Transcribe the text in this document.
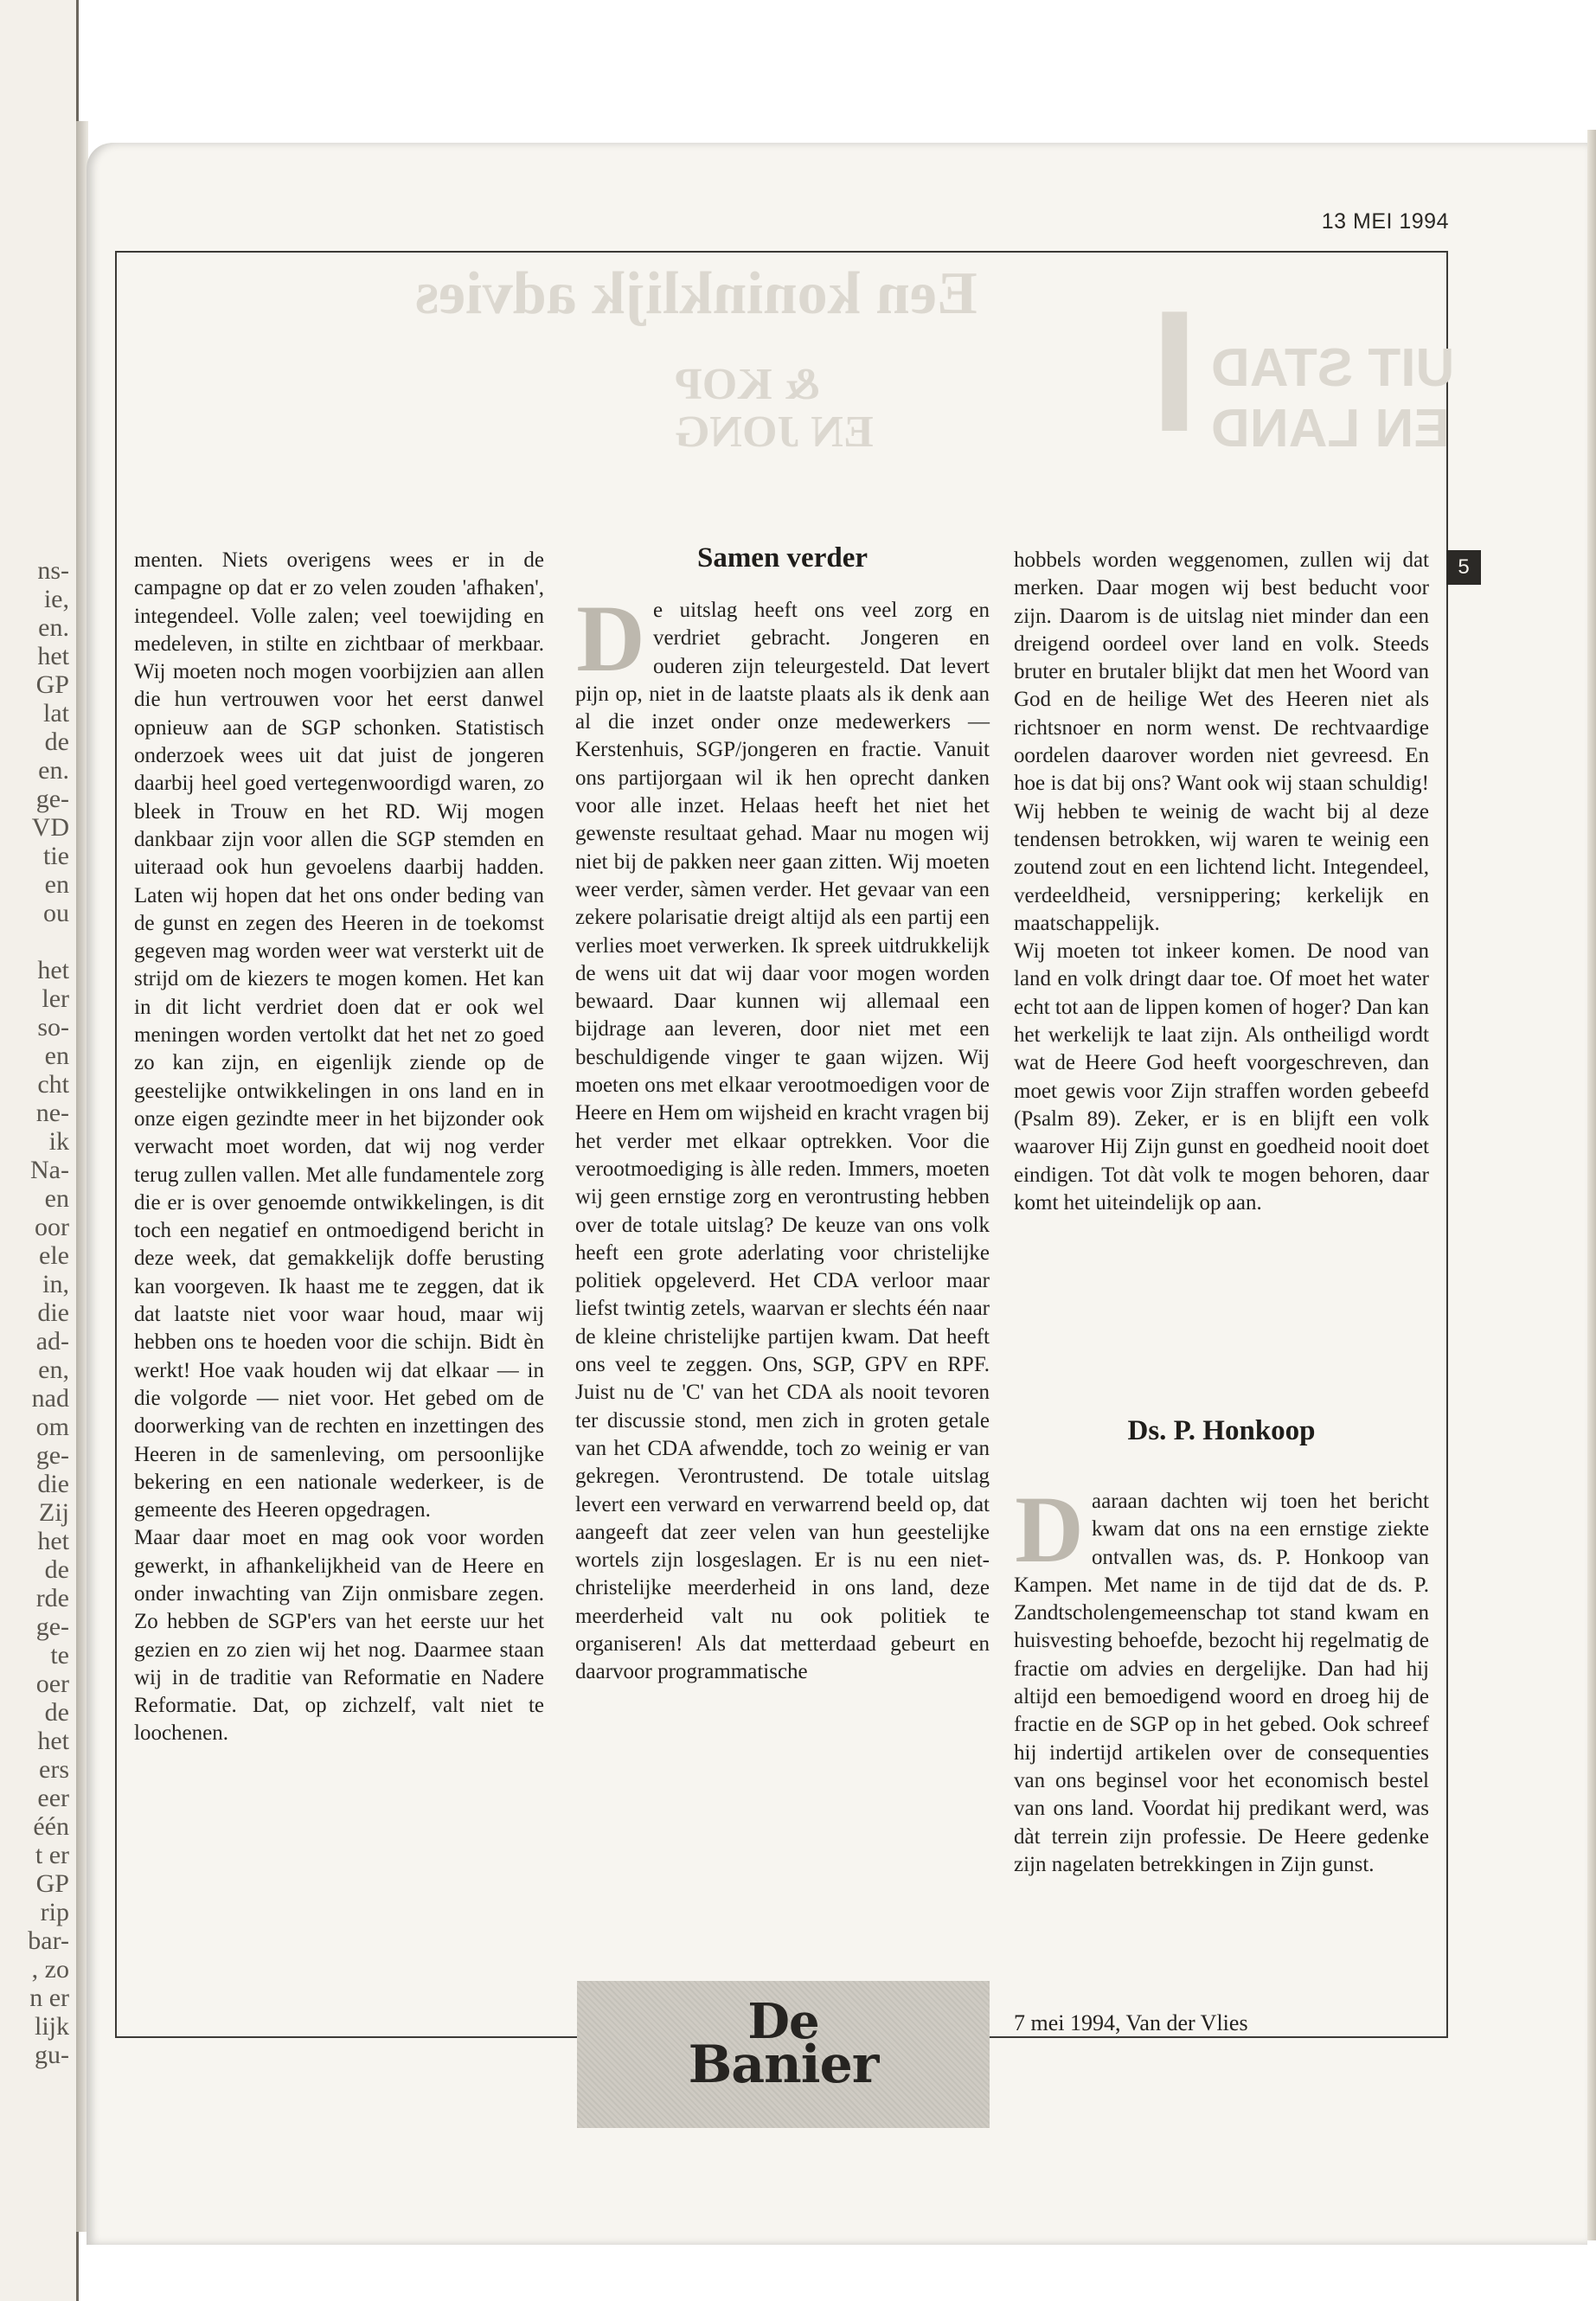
ns-
ie,
en.
het
GP
lat
de
en.
ge-
VD
tie
en
ou

het
ler
so-
en
cht
ne-
ik
Na-
en
oor
ele
in,
die
ad-
en,
nad
om
ge-
die
Zij
het
de
rde
ge-
te
oer
de
het
ers
eer
één
t er
GP
rip
bar-
, zo
n er
lijk
gu-
13 MEI 1994
Een koninklijk advies I UIT STAD
EN LAND
& KOP
EN JONG

menten. Niets overigens wees er in de campagne op dat er zo velen zouden 'afhaken', integendeel. Volle zalen; veel toewijding en medeleven, in stilte en zichtbaar of merkbaar. Wij moeten noch mogen voorbijzien aan allen die hun vertrouwen voor het eerst danwel opnieuw aan de SGP schonken. Statistisch onderzoek wees uit dat juist de jongeren daarbij heel goed vertegenwoordigd waren, zo bleek in Trouw en het RD. Wij mogen dankbaar zijn voor allen die SGP stemden en uiteraad ook hun gevoelens daarbij hadden. Laten wij hopen dat het ons onder beding van de gunst en zegen des Heeren in de toekomst gegeven mag worden weer wat versterkt uit de strijd om de kiezers te mogen komen. Het kan in dit licht verdriet doen dat er ook wel meningen worden vertolkt dat het net zo goed zo kan zijn, en eigenlijk ziende op de geestelijke ontwikkelingen in ons land en in onze eigen gezindte meer in het bijzonder ook verwacht moet worden, dat wij nog verder terug zullen vallen. Met alle fundamentele zorg die er is over genoemde ontwikkelingen, is dit toch een negatief en ontmoedigend bericht in deze week, dat gemakkelijk doffe berusting kan voorgeven. Ik haast me te zeggen, dat ik dat laatste niet voor waar houd, maar wij hebben ons te hoeden voor die schijn. Bidt èn werkt! Hoe vaak houden wij dat elkaar — in die volgorde — niet voor. Het gebed om de doorwerking van de rechten en inzettingen des Heeren in de samenleving, om persoonlijke bekering en een nationale wederkeer, is de gemeente des Heeren opgedragen.

Maar daar moet en mag ook voor worden gewerkt, in afhankelijkheid van de Heere en onder inwachting van Zijn onmisbare zegen. Zo hebben de SGP'ers van het eerste uur het gezien en zo zien wij het nog. Daarmee staan wij in de traditie van Reformatie en Nadere Reformatie. Dat, op zichzelf, valt niet te loochenen.

Samen verder

De uitslag heeft ons veel zorg en verdriet gebracht. Jongeren en ouderen zijn teleurgesteld. Dat levert pijn op, niet in de laatste plaats als ik denk aan al die inzet onder onze medewerkers — Kerstenhuis, SGP/jongeren en fractie. Vanuit ons partijorgaan wil ik hen oprecht danken voor alle inzet. Helaas heeft het niet het gewenste resultaat gehad. Maar nu mogen wij niet bij de pakken neer gaan zitten. Wij moeten weer verder, sàmen verder. Het gevaar van een zekere polarisatie dreigt altijd als een partij een verlies moet verwerken. Ik spreek uitdrukkelijk de wens uit dat wij daar voor mogen worden bewaard. Daar kunnen wij allemaal een bijdrage aan leveren, door niet met een beschuldigende vinger te gaan wijzen. Wij moeten ons met elkaar verootmoedigen voor de Heere en Hem om wijsheid en kracht vragen bij het verder met elkaar optrekken. Voor die verootmoediging is àlle reden. Immers, moeten wij geen ernstige zorg en verontrusting hebben over de totale uitslag? De keuze van ons volk heeft een grote aderlating voor christelijke politiek opgeleverd. Het CDA verloor maar liefst twintig zetels, waarvan er slechts één naar de kleine christelijke partijen kwam. Dat heeft ons veel te zeggen. Ons, SGP, GPV en RPF. Juist nu de 'C' van het CDA als nooit tevoren ter discussie stond, men zich in groten getale van het CDA afwendde, toch zo weinig er van gekregen. Verontrustend. De totale uitslag levert een verward en verwarrend beeld op, dat aangeeft dat zeer velen van hun geestelijke wortels zijn losgeslagen. Er is nu een niet-christelijke meerderheid in ons land, deze meerderheid valt nu ook politiek te organiseren! Als dat metterdaad gebeurt en daarvoor programmatische

hobbels worden weggenomen, zullen wij dat merken. Daar mogen wij best beducht voor zijn. Daarom is de uitslag niet minder dan een dreigend oordeel over land en volk. Steeds bruter en brutaler blijkt dat men het Woord van God en de heilige Wet des Heeren niet als richtsnoer en norm wenst. De rechtvaardige oordelen daarover worden niet gevreesd. En hoe is dat bij ons? Want ook wij staan schuldig! Wij hebben te weinig de wacht bij al deze tendensen betrokken, wij waren te weinig een zoutend zout en een lichtend licht. Integendeel, verdeeldheid, versnippering; kerkelijk en maatschappelijk.

Wij moeten tot inkeer komen. De nood van land en volk dringt daar toe. Of moet het water echt tot aan de lippen komen of hoger? Dan kan het werkelijk te laat zijn. Als ontheiligd wordt wat de Heere God heeft voorgeschreven, dan moet gewis voor Zijn straffen worden gebeefd (Psalm 89). Zeker, er is en blijft een volk waarover Hij Zijn gunst en goedheid nooit doet eindigen. Tot dàt volk te mogen behoren, daar komt het uiteindelijk op aan.

Ds. P. Honkoop

Daaraan dachten wij toen het bericht kwam dat ons na een ernstige ziekte ontvallen was, ds. P. Honkoop van Kampen. Met name in de tijd dat de ds. P. Zandtscholengemeenschap tot stand kwam en huisvesting behoefde, bezocht hij regelmatig de fractie om advies en dergelijke. Dan had hij altijd een bemoedigend woord en droeg hij de fractie en de SGP op in het gebed. Ook schreef hij indertijd artikelen over de consequenties van ons beginsel voor het economisch bestel van ons land. Voordat hij predikant werd, was dàt terrein zijn professie. De Heere gedenke zijn nagelaten betrekkingen in Zijn gunst.

7 mei 1994, Van der Vlies
5
De
Banier
